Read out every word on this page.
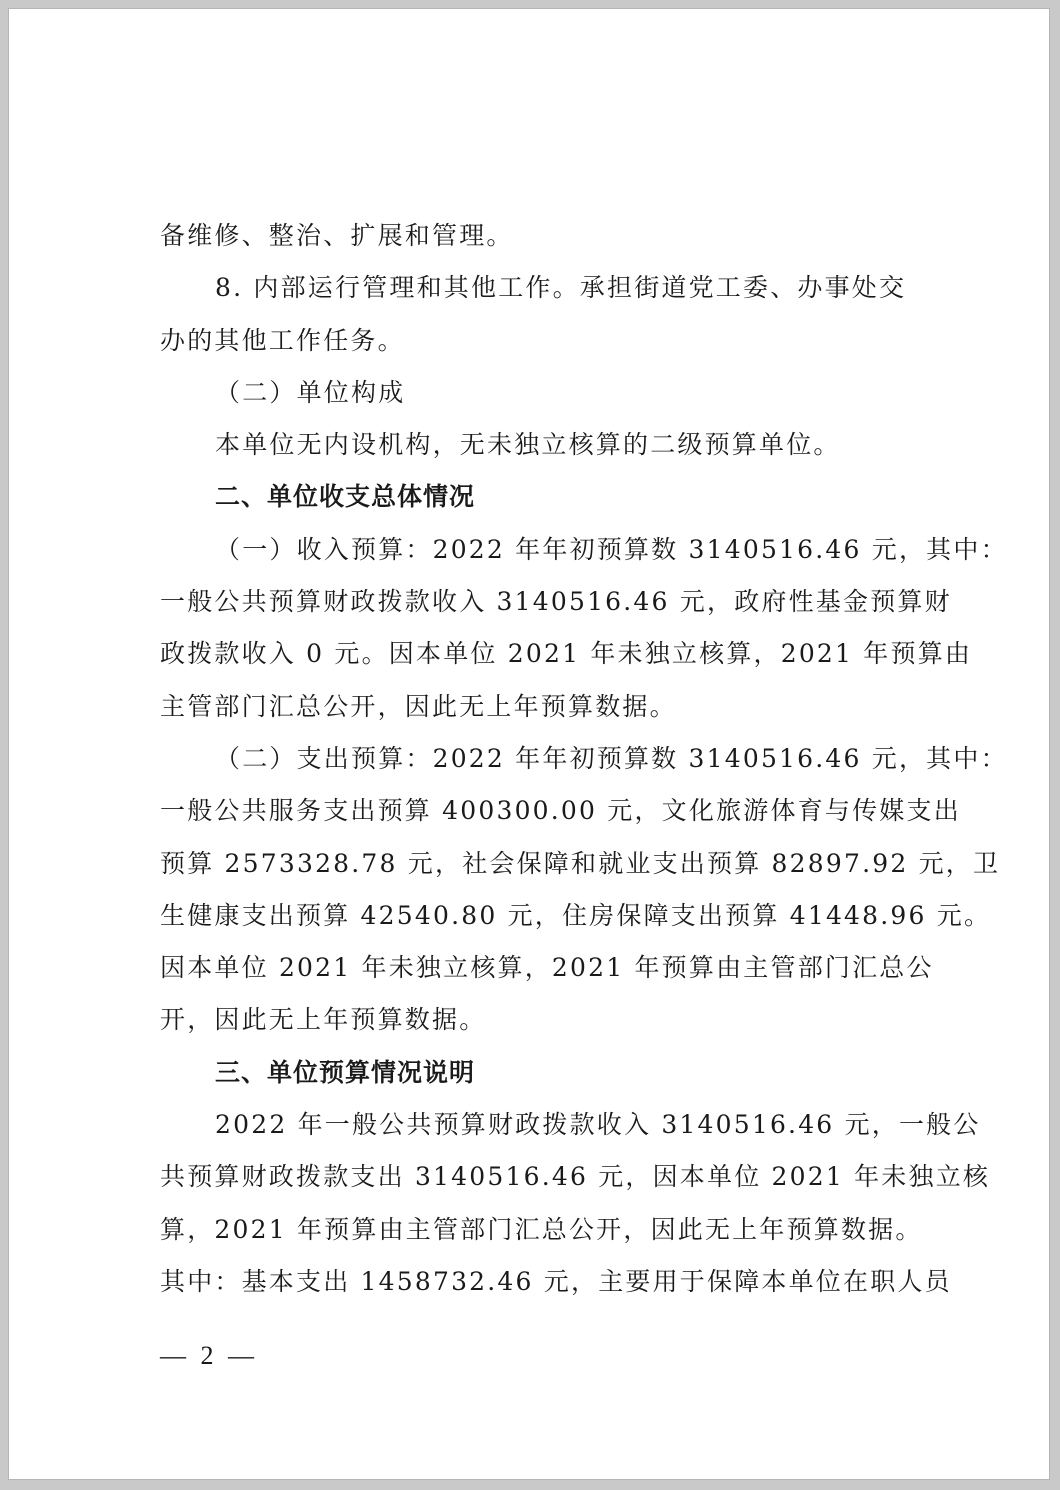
备维修、整治、扩展和管理。
8. 内部运行管理和其他工作。承担街道党工委、办事处交
办的其他工作任务。
（二）单位构成
本单位无内设机构，无未独立核算的二级预算单位。
二、单位收支总体情况
（一）收入预算：2022 年年初预算数 3140516.46 元，其中：
一般公共预算财政拨款收入 3140516.46 元，政府性基金预算财
政拨款收入 0 元。因本单位 2021 年未独立核算，2021 年预算由
主管部门汇总公开，因此无上年预算数据。
（二）支出预算：2022 年年初预算数 3140516.46 元，其中：
一般公共服务支出预算 400300.00 元，文化旅游体育与传媒支出
预算 2573328.78 元，社会保障和就业支出预算 82897.92 元，卫
生健康支出预算 42540.80 元，住房保障支出预算 41448.96 元。
因本单位 2021 年未独立核算，2021 年预算由主管部门汇总公
开，因此无上年预算数据。
三、单位预算情况说明
2022 年一般公共预算财政拨款收入 3140516.46 元，一般公
共预算财政拨款支出 3140516.46 元，因本单位 2021 年未独立核
算，2021 年预算由主管部门汇总公开，因此无上年预算数据。
其中：基本支出 1458732.46 元，主要用于保障本单位在职人员
— 2 —
